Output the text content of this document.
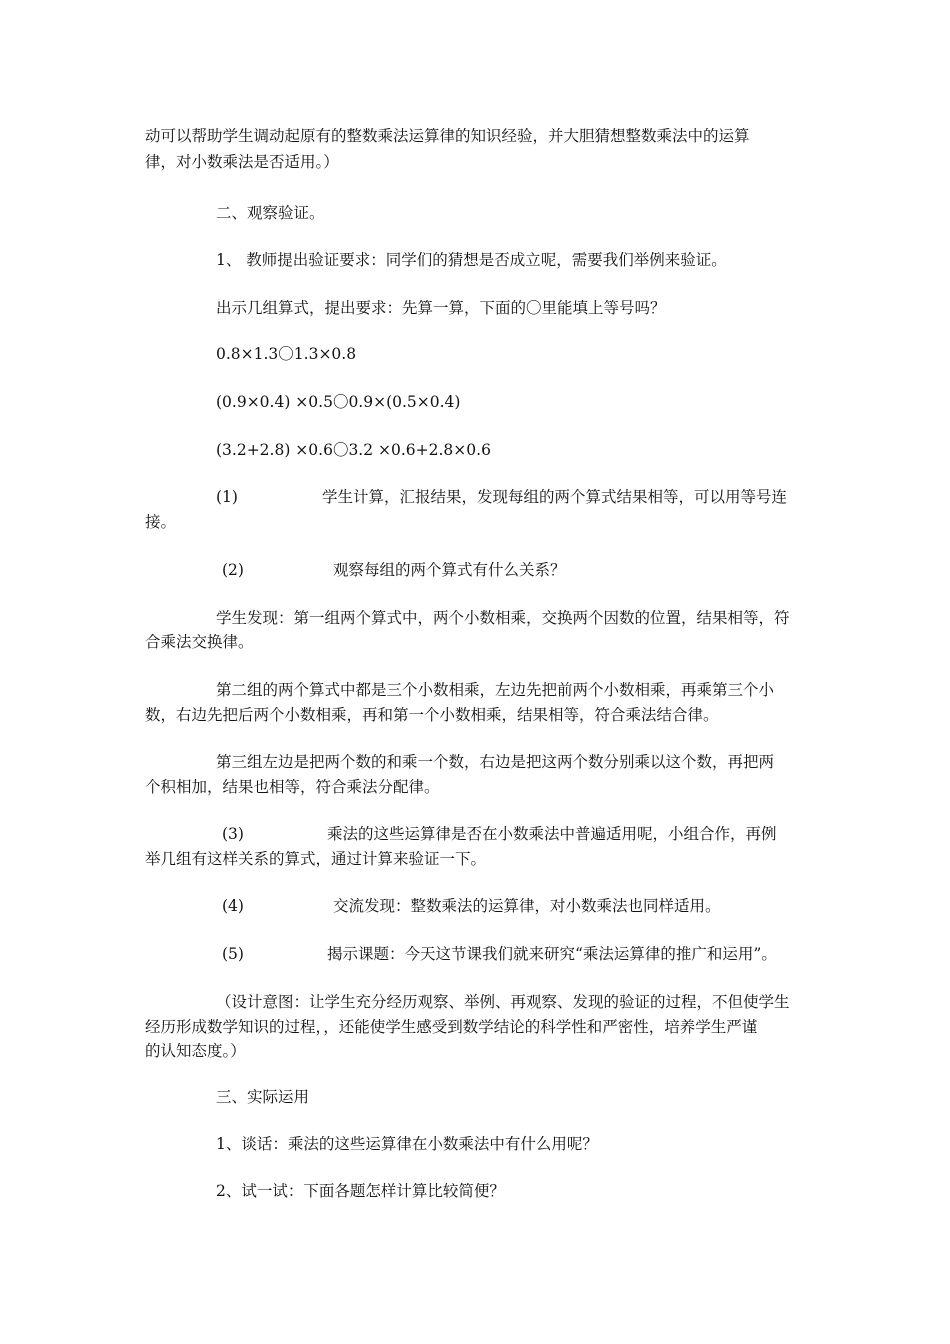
动可以帮助学生调动起原有的整数乘法运算律的知识经验，并大胆猜想整数乘法中的运算
律，对小数乘法是否适用。）
二、观察验证。
1、 教师提出验证要求：同学们的猜想是否成立呢，需要我们举例来验证。
出示几组算式，提出要求：先算一算，下面的〇里能填上等号吗？
0.8×1.3〇1.3×0.8
(0.9×0.4) ×0.5〇0.9×(0.5×0.4)
(3.2+2.8) ×0.6〇3.2 ×0.6+2.8×0.6
(1)	学生计算，汇报结果，发现每组的两个算式结果相等，可以用等号连
接。
(2)	观察每组的两个算式有什么关系？
学生发现：第一组两个算式中，两个小数相乘，交换两个因数的位置，结果相等，符
合乘法交换律。
第二组的两个算式中都是三个小数相乘，左边先把前两个小数相乘，再乘第三个小
数，右边先把后两个小数相乘，再和第一个小数相乘，结果相等，符合乘法结合律。
第三组左边是把两个数的和乘一个数，右边是把这两个数分别乘以这个数，再把两
个积相加，结果也相等，符合乘法分配律。
(3)	乘法的这些运算律是否在小数乘法中普遍适用呢，小组合作，再例
举几组有这样关系的算式，通过计算来验证一下。
(4)	交流发现：整数乘法的运算律，对小数乘法也同样适用。
(5)	揭示课题：今天这节课我们就来研究“乘法运算律的推广和运用”。
（设计意图：让学生充分经历观察、举例、再观察、发现的验证的过程，不但使学生
经历形成数学知识的过程，，还能使学生感受到数学结论的科学性和严密性，培养学生严谨
的认知态度。）
三、实际运用
1、谈话：乘法的这些运算律在小数乘法中有什么用呢？
2、试一试：下面各题怎样计算比较简便？
